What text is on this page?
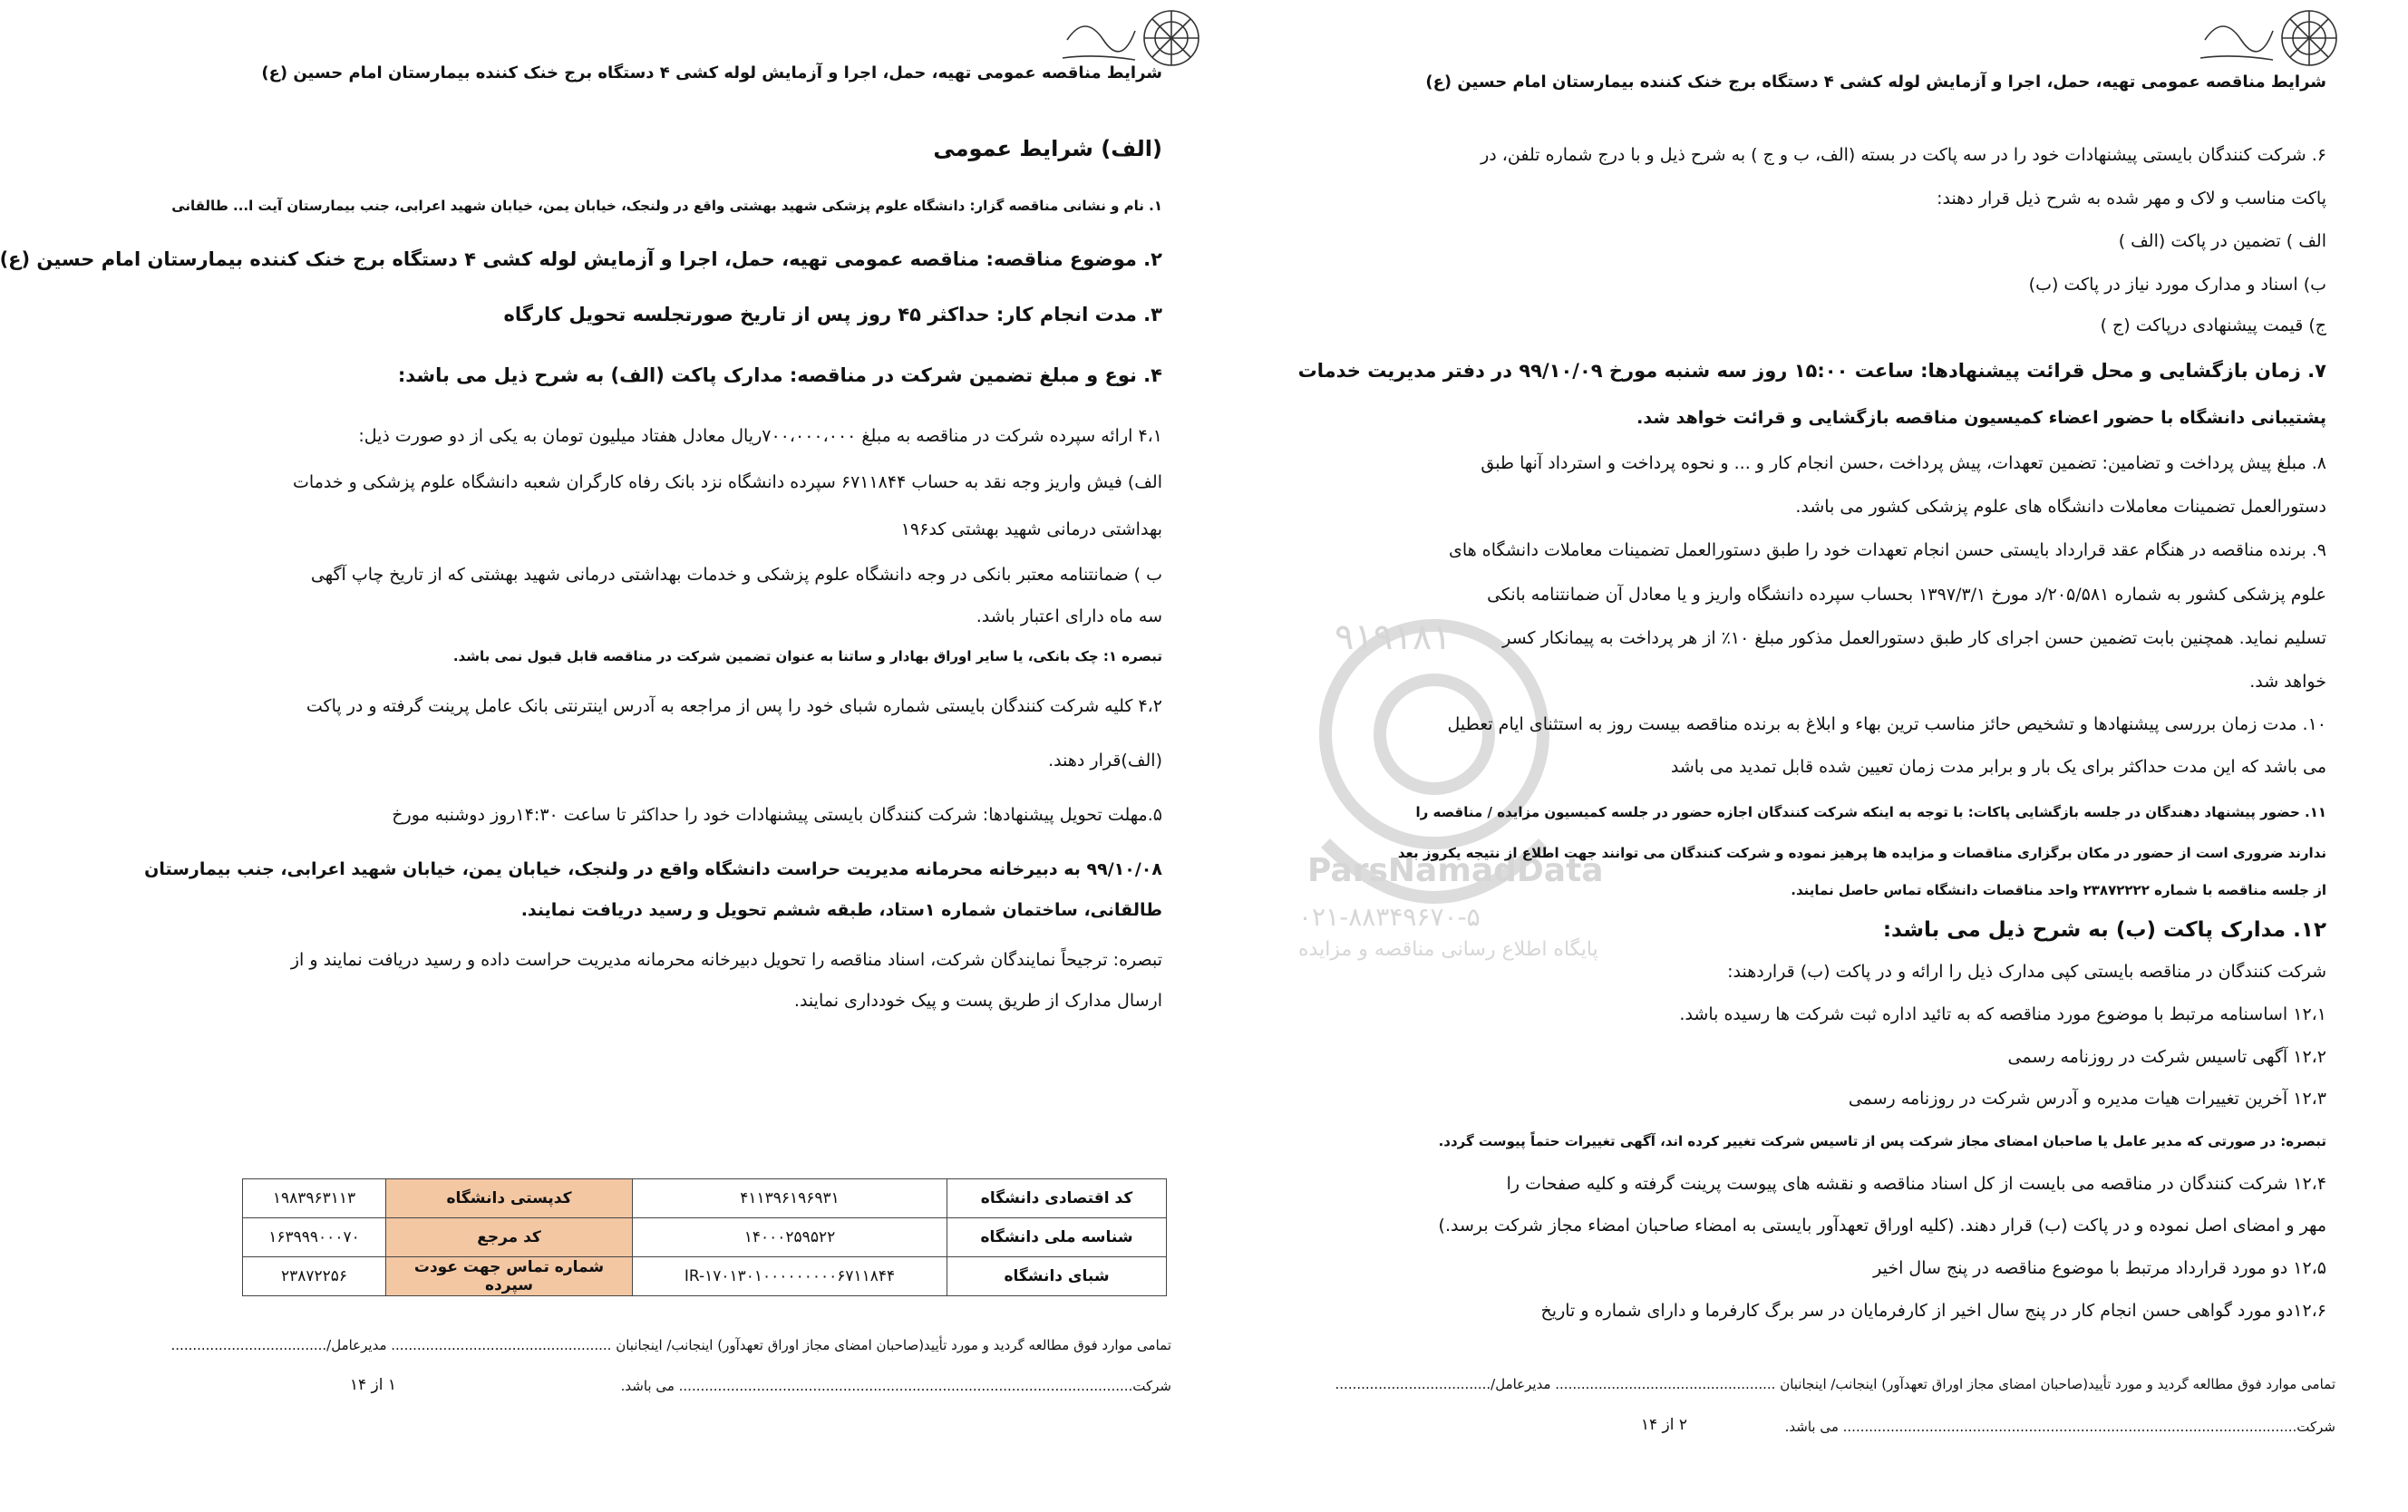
ParsNamadData
۰۲۱-۸۸۳۴۹۶۷۰-۵
پایگاه اطلاع رسانی مناقصه و مزایده
۹۱۹۱۸۱
شرایط مناقصه عمومی تهیه، حمل، اجرا و آزمایش لوله کشی ۴ دستگاه برج خنک کننده بیمارستان امام حسین (ع)
(الف) شرایط عمومی
۱. نام و نشانی مناقصه گزار: دانشگاه علوم پزشکی شهید بهشتی واقع در ولنجک، خیابان یمن، خیابان شهید اعرابی، جنب بیمارستان آیت ا... طالقانی
۲. موضوع مناقصه: مناقصه عمومی تهیه، حمل، اجرا و آزمایش لوله کشی ۴ دستگاه برج خنک کننده بیمارستان امام حسین (ع)
۳. مدت انجام کار: حداکثر ۴۵ روز پس از تاریخ صورتجلسه تحویل کارگاه
۴. نوع و مبلغ تضمین شرکت در مناقصه: مدارک پاکت (الف) به شرح ذیل می باشد:
۴،۱ ارائه سپرده شرکت در مناقصه به مبلغ ۷۰۰،۰۰۰،۰۰۰ریال معادل هفتاد میلیون تومان به یکی از دو صورت ذیل:
الف) فیش واریز وجه نقد به حساب ۶۷۱۱۸۴۴ سپرده دانشگاه نزد بانک رفاه کارگران شعبه دانشگاه علوم پزشکی و خدمات
بهداشتی درمانی شهید بهشتی کد۱۹۶
ب ) ضمانتنامه معتبر بانکی در وجه دانشگاه علوم پزشکی و خدمات بهداشتی درمانی شهید بهشتی که از تاریخ چاپ آگهی
سه ماه دارای اعتبار باشد.
تبصره ۱: چک بانکی، یا سایر اوراق بهادار و ساتنا به عنوان تضمین شرکت در مناقصه قابل قبول نمی باشد.
۴،۲ کلیه شرکت کنندگان بایستی شماره شبای خود را پس از مراجعه به آدرس اینترنتی بانک عامل پرینت گرفته و در پاکت
(الف)قرار دهند.
۵.مهلت تحویل پیشنهادها: شرکت کنندگان بایستی پیشنهادات خود را حداکثر تا ساعت ۱۴:۳۰روز دوشنبه مورخ
۹۹/۱۰/۰۸ به دبیرخانه محرمانه مدیریت حراست دانشگاه واقع در ولنجک، خیابان یمن، خیابان شهید اعرابی، جنب بیمارستان
طالقانی، ساختمان شماره ۱ستاد، طبقه ششم تحویل و رسید دریافت نمایند.
تبصره: ترجیحاً نمایندگان شرکت، اسناد مناقصه را تحویل دبیرخانه محرمانه مدیریت حراست داده و رسید دریافت نمایند و از
ارسال مدارک از طریق پست و پیک خودداری نمایند.
کد اقتصادی دانشگاه	۴۱۱۳۹۶۱۹۶۹۳۱	کدپستی دانشگاه	۱۹۸۳۹۶۳۱۱۳
شناسه ملی دانشگاه	۱۴۰۰۰۲۵۹۵۲۲	کد مرجع	۱۶۳۹۹۹۰۰۰۷۰
شبای دانشگاه	IR-۱۷۰۱۳۰۱۰۰۰۰۰۰۰۰۰۶۷۱۱۸۴۴	شماره تماس جهت عودت سپرده	۲۳۸۷۲۲۵۶
تمامی موارد فوق مطالعه گردید و مورد تأیید(صاحبان امضای مجاز اوراق تعهدآور) اینجانب/ اینجانبان ................................................... مدیرعامل/....................................
شرکت......................................................................................................... می باشد.
۱ از ۱۴
شرایط مناقصه عمومی تهیه، حمل، اجرا و آزمایش لوله کشی ۴ دستگاه برج خنک کننده بیمارستان امام حسین (ع)
۶. شرکت کنندگان بایستی پیشنهادات خود را در سه پاکت در بسته (الف، ب و ج ) به شرح ذیل و با درج شماره تلفن، در
پاکت مناسب و لاک و مهر شده به شرح ذیل قرار دهند:
الف ) تضمین در پاکت (الف )
ب) اسناد و مدارک مورد نیاز در پاکت (ب)
ج) قیمت پیشنهادی درپاکت (ج )
۷. زمان بازگشایی و محل قرائت پیشنهادها: ساعت ۱۵:۰۰ روز سه شنبه مورخ ۹۹/۱۰/۰۹ در دفتر مدیریت خدمات
پشتیبانی دانشگاه با حضور اعضاء کمیسیون مناقصه بازگشایی و قرائت خواهد شد.
۸. مبلغ پیش پرداخت و تضامین: تضمین تعهدات، پیش پرداخت ،حسن انجام کار و ... و نحوه پرداخت و استرداد آنها طبق
دستورالعمل تضمینات معاملات دانشگاه های علوم پزشکی کشور می باشد.
۹. برنده مناقصه در هنگام عقد قرارداد بایستی حسن انجام تعهدات خود را طبق دستورالعمل تضمینات معاملات دانشگاه های
علوم پزشکی کشور به شماره ۲۰۵/۵۸۱/د مورخ ۱۳۹۷/۳/۱ بحساب سپرده دانشگاه واریز و یا معادل آن ضمانتنامه بانکی
تسلیم نماید. همچنین بابت تضمین حسن اجرای کار طبق دستورالعمل مذکور مبلغ ۱۰٪ از هر پرداخت به پیمانکار کسر
خواهد شد.
۱۰. مدت زمان بررسی پیشنهادها و تشخیص حائز مناسب ترین بهاء و ابلاغ به برنده مناقصه بیست روز به استثنای ایام تعطیل
می باشد که این مدت حداکثر برای یک بار و برابر مدت زمان تعیین شده قابل تمدید می باشد
۱۱. حضور پیشنهاد دهندگان در جلسه بازگشایی پاکات: با توجه به اینکه شرکت کنندگان اجازه حضور در جلسه کمیسیون مزایده / مناقصه را
ندارند ضروری است از حضور در مکان برگزاری مناقصات و مزایده ها پرهیز نموده و شرکت کنندگان می توانند جهت اطلاع از نتیجه یکروز بعد
از جلسه مناقصه با شماره ۲۳۸۷۲۲۲۲ واحد مناقصات دانشگاه تماس حاصل نمایند.
۱۲. مدارک پاکت (ب) به شرح ذیل می باشد:
شرکت کنندگان در مناقصه بایستی کپی مدارک ذیل را ارائه و در پاکت (ب) قراردهند:
۱۲،۱ اساسنامه مرتبط با موضوع مورد مناقصه که به تائید اداره ثبت شرکت ها رسیده باشد.
۱۲،۲ آگهی تاسیس شرکت در روزنامه رسمی
۱۲،۳ آخرین تغییرات هیات مدیره و آدرس شرکت در روزنامه رسمی
تبصره: در صورتی که مدیر عامل یا صاحبان امضای مجاز شرکت پس از تاسیس شرکت تغییر کرده اند، آگهی تغییرات حتماً پیوست گردد.
۱۲،۴ شرکت کنندگان در مناقصه می بایست از کل اسناد مناقصه و نقشه های پیوست پرینت گرفته و کلیه صفحات را
مهر و امضای اصل نموده و در پاکت (ب) قرار دهند. (کلیه اوراق تعهدآور بایستی به امضاء صاحبان امضاء مجاز شرکت برسد.)
۱۲،۵ دو مورد قرارداد مرتبط با موضوع مناقصه در پنج سال اخیر
۱۲،۶دو مورد گواهی حسن انجام کار در پنج سال اخیر از کارفرمایان در سر برگ کارفرما و دارای شماره و تاریخ
تمامی موارد فوق مطالعه گردید و مورد تأیید(صاحبان امضای مجاز اوراق تعهدآور) اینجانب/ اینجانبان ................................................... مدیرعامل/....................................
شرکت......................................................................................................... می باشد.
۲ از ۱۴
